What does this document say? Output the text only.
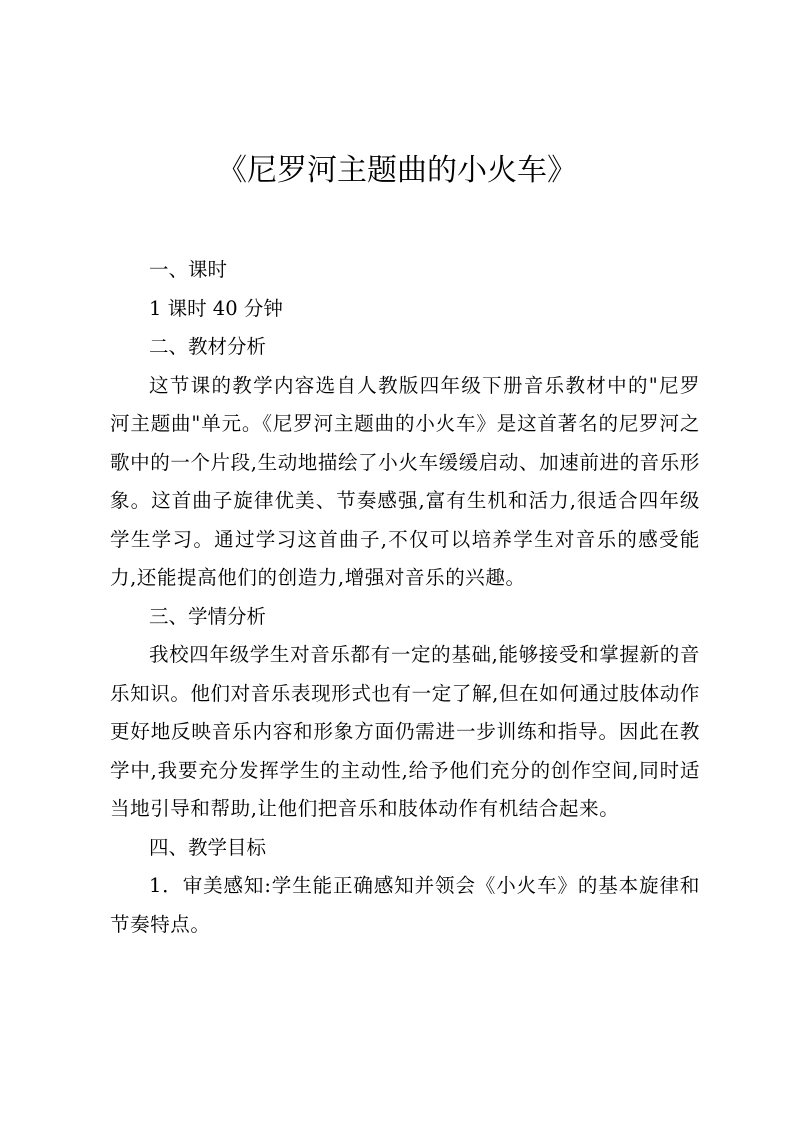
《尼罗河主题曲的小火车》

一、课时

1 课时 40 分钟

二、教材分析

这节课的教学内容选自人教版四年级下册音乐教材中的"尼罗河主题曲"单元。《尼罗河主题曲的小火车》是这首著名的尼罗河之歌中的一个片段,生动地描绘了小火车缓缓启动、加速前进的音乐形象。这首曲子旋律优美、节奏感强,富有生机和活力,很适合四年级学生学习。通过学习这首曲子,不仅可以培养学生对音乐的感受能力,还能提高他们的创造力,增强对音乐的兴趣。

三、学情分析

我校四年级学生对音乐都有一定的基础,能够接受和掌握新的音乐知识。他们对音乐表现形式也有一定了解,但在如何通过肢体动作更好地反映音乐内容和形象方面仍需进一步训练和指导。因此在教学中,我要充分发挥学生的主动性,给予他们充分的创作空间,同时适当地引导和帮助,让他们把音乐和肢体动作有机结合起来。

四、教学目标

1．审美感知:学生能正确感知并领会《小火车》的基本旋律和节奏特点。
